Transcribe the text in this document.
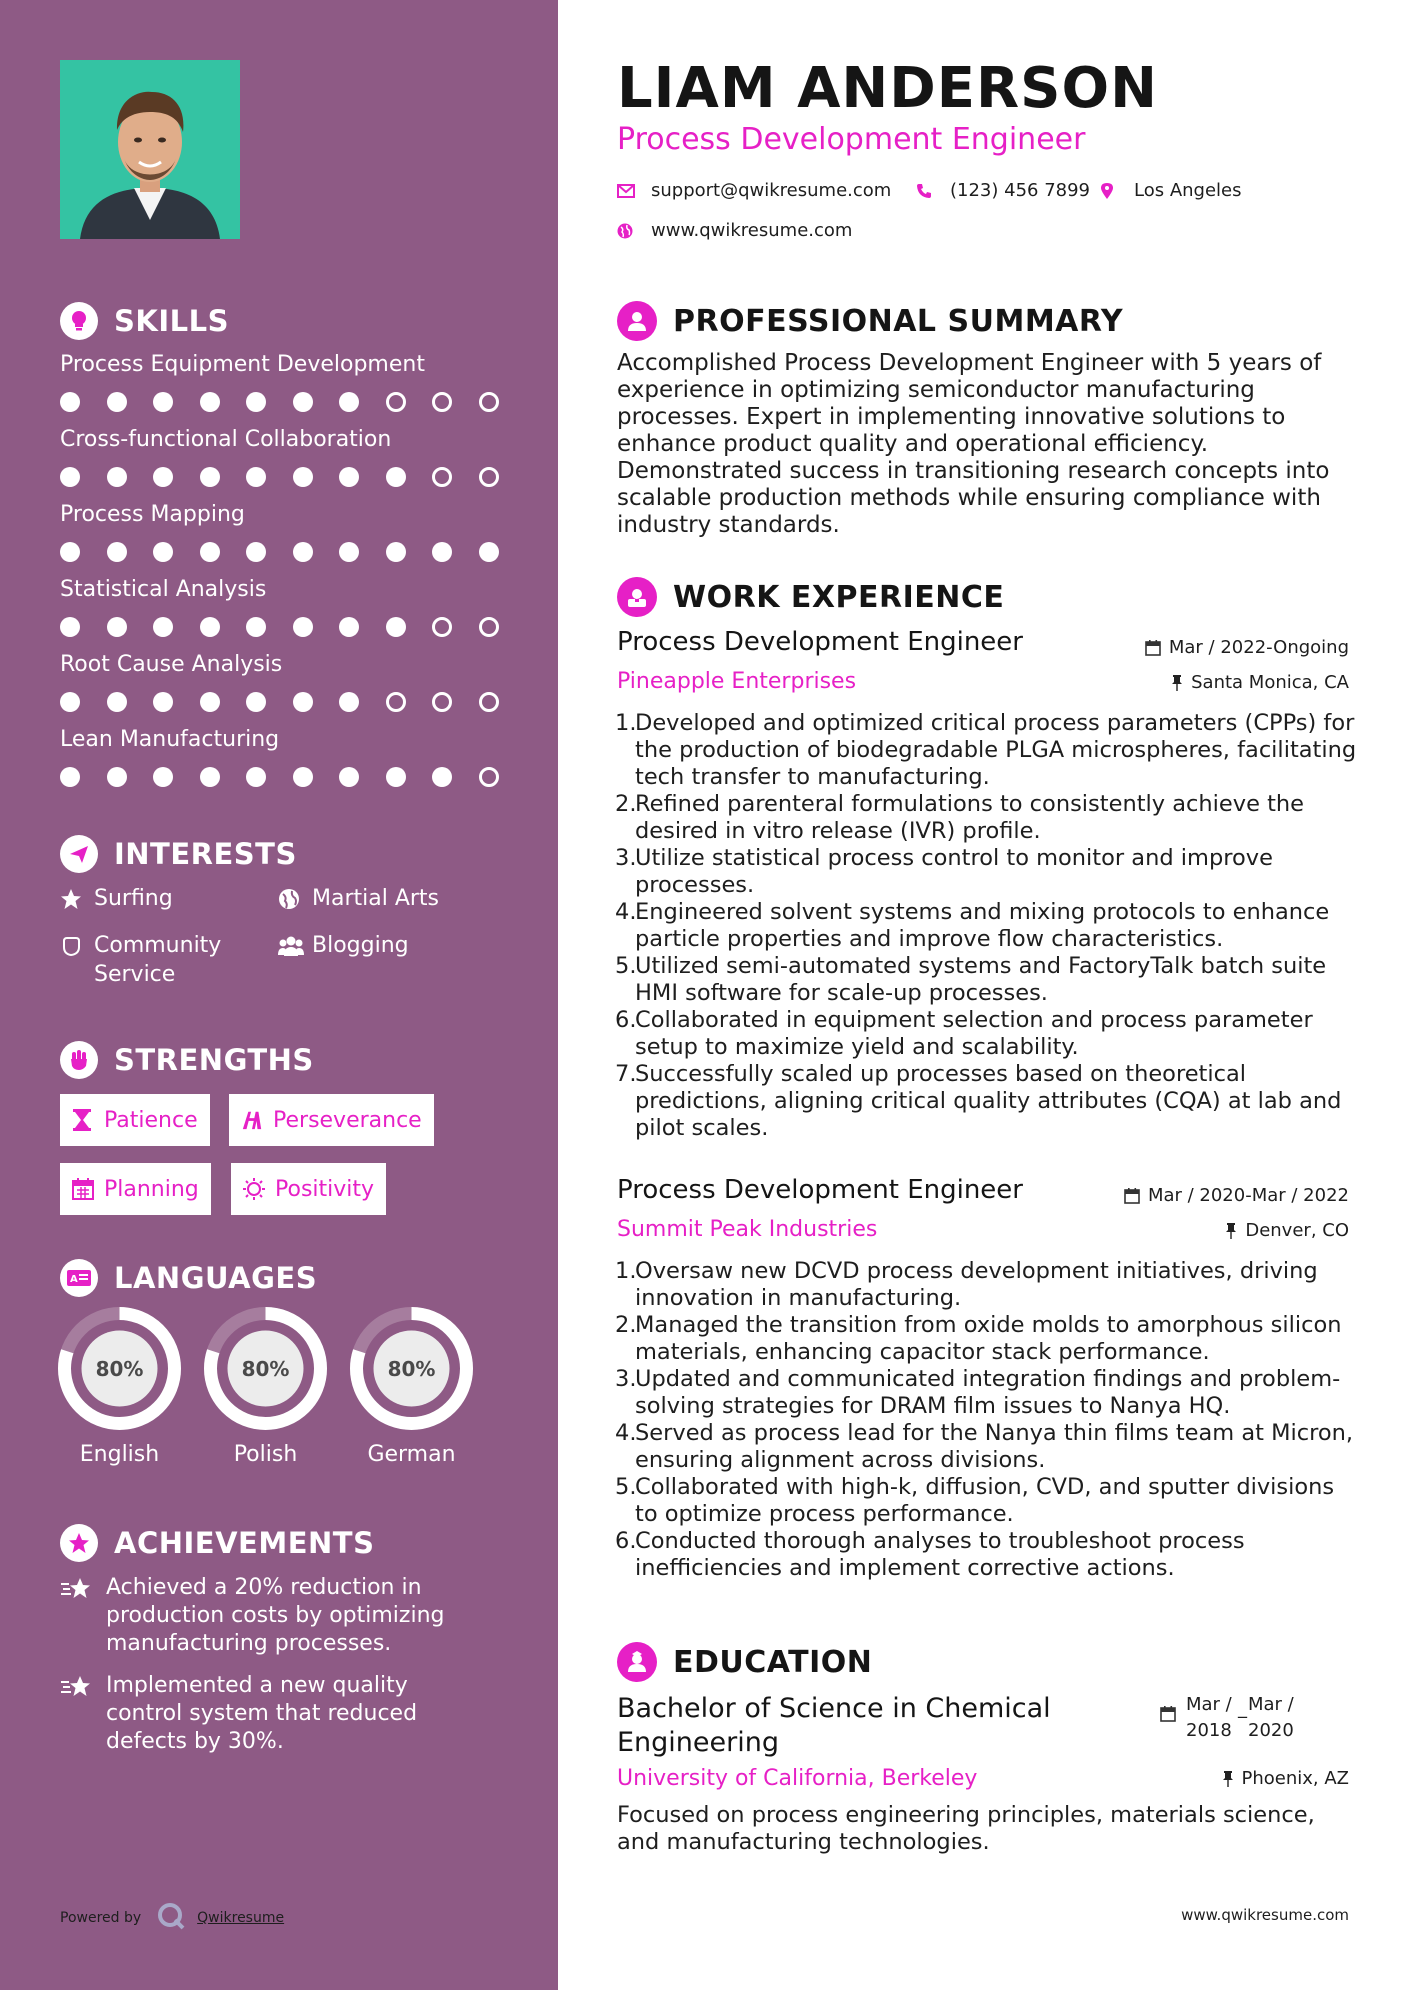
SKILLS
Process Equipment Development
Cross-functional Collaboration
Process Mapping
Statistical Analysis
Root Cause Analysis
Lean Manufacturing
INTERESTS
Surfing	Martial Arts
Community Service
Blogging
STRENGTHS
Patience	Perseverance
Planning	Positivity
A LANGUAGES
80%
English
80%
Polish
80%
German
ACHIEVEMENTS
Achieved a 20% reduction in production costs by optimizing manufacturing processes.
Implemented a new quality control system that reduced defects by 30%.
Powered by	Qwikresume
LIAM ANDERSON
Process Development Engineer
support@qwikresume.com	(123) 456 7899 Los Angeles
www.qwikresume.com
PROFESSIONAL SUMMARY
Accomplished Process Development Engineer with 5 years of experience in optimizing semiconductor manufacturing processes. Expert in implementing innovative solutions to enhance product quality and operational efficiency. Demonstrated success in transitioning research concepts into scalable production methods while ensuring compliance with industry standards.
WORK EXPERIENCE
Process Development Engineer
Pineapple Enterprises
Mar / 2022-Ongoing
Santa Monica, CA
1.
Developed and optimized critical process parameters (CPPs) for the production of biodegradable PLGA microspheres, facilitating tech transfer to manufacturing.
2.
Refined parenteral formulations to consistently achieve the desired in vitro release (IVR) profile.
3.
Utilize statistical process control to monitor and improve processes.
4.
Engineered solvent systems and mixing protocols to enhance particle properties and improve flow characteristics.
5.
Utilized semi-automated systems and FactoryTalk batch suite HMI software for scale-up processes.
6.
Collaborated in equipment selection and process parameter setup to maximize yield and scalability.
7.
Successfully scaled up processes based on theoretical predictions, aligning critical quality attributes (CQA) at lab and pilot scales.
Process Development Engineer
Summit Peak Industries
Mar / 2020-Mar / 2022
Denver, CO
1.
Oversaw new DCVD process development initiatives, driving innovation in manufacturing.
2.
Managed the transition from oxide molds to amorphous silicon materials, enhancing capacitor stack performance.
3.
Updated and communicated integration findings and problem-solving strategies for DRAM film issues to Nanya HQ.
4.
Served as process lead for the Nanya thin films team at Micron, ensuring alignment across divisions.
5.
Collaborated with high-k, diffusion, CVD, and sputter divisions to optimize process performance.
6.
Conducted thorough analyses to troubleshoot process inefficiencies and implement corrective actions.
EDUCATION
Bachelor of Science in Chemical Engineering
Mar /
2018
_ Mar /
2020
University of California, Berkeley	Phoenix, AZ
Focused on process engineering principles, materials science, and manufacturing technologies.
www.qwikresume.com
